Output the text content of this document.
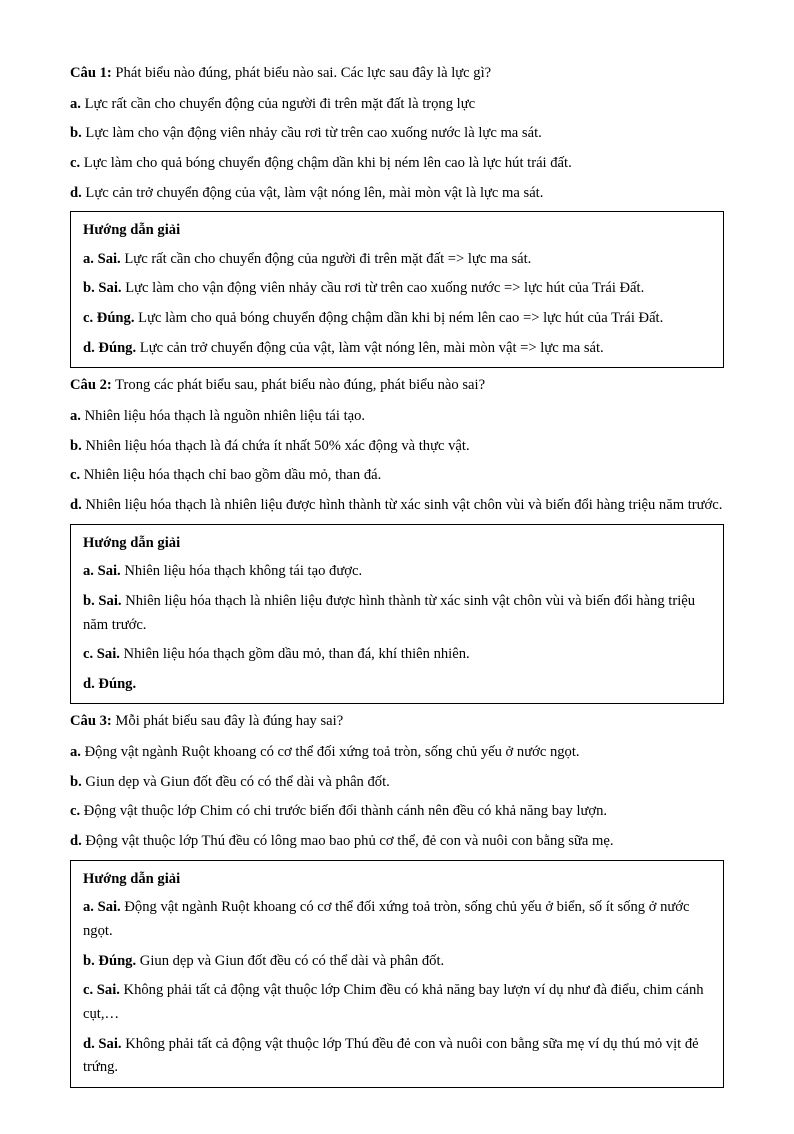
Câu 1: Phát biểu nào đúng, phát biểu nào sai. Các lực sau đây là lực gì?

a. Lực rất cần cho chuyển động của người đi trên mặt đất là trọng lực

b. Lực làm cho vận động viên nhảy cầu rơi từ trên cao xuống nước là lực ma sát.

c. Lực làm cho quả bóng chuyển động chậm dần khi bị ném lên cao là lực hút trái đất.

d. Lực cản trở chuyển động của vật, làm vật nóng lên, mài mòn vật là lực ma sát.

Hướng dẫn giải

a. Sai. Lực rất cần cho chuyển động của người đi trên mặt đất => lực ma sát.

b. Sai. Lực làm cho vận động viên nhảy cầu rơi từ trên cao xuống nước => lực hút của Trái Đất.

c. Đúng. Lực làm cho quả bóng chuyển động chậm dần khi bị ném lên cao => lực hút của Trái Đất.

d. Đúng. Lực cản trở chuyển động của vật, làm vật nóng lên, mài mòn vật => lực ma sát.

Câu 2: Trong các phát biểu sau, phát biểu nào đúng, phát biểu nào sai?

a. Nhiên liệu hóa thạch là nguồn nhiên liệu tái tạo.

b. Nhiên liệu hóa thạch là đá chứa ít nhất 50% xác động và thực vật.

c. Nhiên liệu hóa thạch chỉ bao gồm dầu mỏ, than đá.

d. Nhiên liệu hóa thạch là nhiên liệu được hình thành từ xác sinh vật chôn vùi và biến đổi hàng triệu năm trước.

Hướng dẫn giải

a. Sai. Nhiên liệu hóa thạch không tái tạo được.

b. Sai. Nhiên liệu hóa thạch là nhiên liệu được hình thành từ xác sinh vật chôn vùi và biến đổi hàng triệu năm trước.

c. Sai. Nhiên liệu hóa thạch gồm dầu mỏ, than đá, khí thiên nhiên.

d. Đúng.

Câu 3: Mỗi phát biểu sau đây là đúng hay sai?

a. Động vật ngành Ruột khoang có cơ thể đối xứng toả tròn, sống chủ yếu ở nước ngọt.

b. Giun dẹp và Giun đốt đều có có thể dài và phân đốt.

c. Động vật thuộc lớp Chim có chi trước biến đổi thành cánh nên đều có khả năng bay lượn.

d. Động vật thuộc lớp Thú đều có lông mao bao phủ cơ thể, đẻ con và nuôi con bằng sữa mẹ.

Hướng dẫn giải

a. Sai. Động vật ngành Ruột khoang có cơ thể đối xứng toả tròn, sống chủ yếu ở biển, số ít sống ở nước ngọt.

b. Đúng. Giun dẹp và Giun đốt đều có có thể dài và phân đốt.

c. Sai. Không phải tất cả động vật thuộc lớp Chim đều có khả năng bay lượn ví dụ như đà điểu, chim cánh cụt,…

d. Sai. Không phải tất cả động vật thuộc lớp Thú đều đẻ con và nuôi con bằng sữa mẹ ví dụ thú mỏ vịt đẻ trứng.
